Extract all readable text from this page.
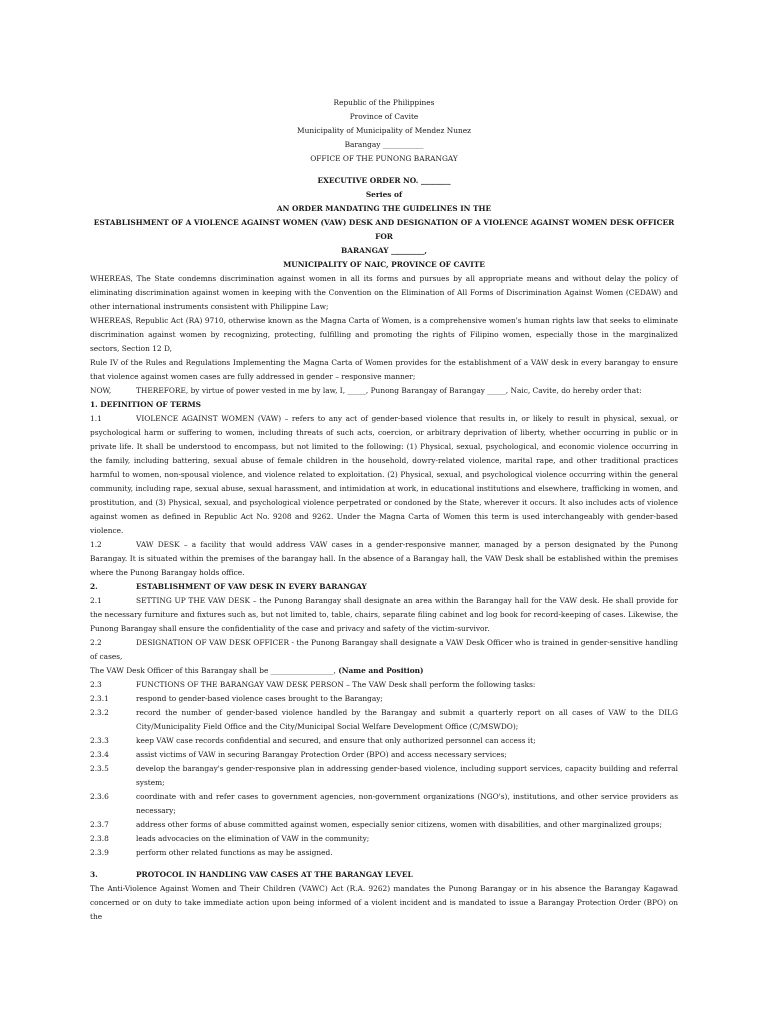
Republic of the Philippines
Province of Cavite
Municipality of Municipality of Mendez Nunez
Barangay ___________
OFFICE OF THE PUNONG BARANGAY
EXECUTIVE ORDER NO. ________
Series of
AN ORDER MANDATING THE GUIDELINES IN THE
ESTABLISHMENT OF A VIOLENCE AGAINST WOMEN (VAW) DESK AND DESIGNATION OF A VIOLENCE AGAINST WOMEN DESK OFFICER FOR
BARANGAY _________,
MUNICIPALITY OF NAIC, PROVINCE OF CAVITE

WHEREAS, The State condemns discrimination against women in all its forms and pursues by all appropriate means and without delay the policy of eliminating discrimination against women in keeping with the Convention on the Elimination of All Forms of Discrimination Against Women (CEDAW) and other international instruments consistent with Philippine Law;

WHEREAS, Republic Act (RA) 9710, otherwise known as the Magna Carta of Women, is a comprehensive women's human rights law that seeks to eliminate discrimination against women by recognizing, protecting, fulfilling and promoting the rights of Filipino women, especially those in the marginalized sectors, Section 12 D,

Rule IV of the Rules and Regulations Implementing the Magna Carta of Women provides for the establishment of a VAW desk in every barangay to ensure that violence against women cases are fully addressed in gender – responsive manner;

NOW,	THEREFORE, by virtue of power vested in me by law, I, _____, Punong Barangay of Barangay _____, Naic, Cavite, do hereby order that:
1. DEFINITION OF TERMS

1.1	VIOLENCE AGAINST WOMEN (VAW) – refers to any act of gender-based violence that results in, or likely to result in physical, sexual, or psychological harm or suffering to women, including threats of such acts, coercion, or arbitrary deprivation of liberty, whether occurring in public or in private life. It shall be understood to encompass, but not limited to the following: (1) Physical, sexual, psychological, and economic violence occurring in the family, including battering, sexual abuse of female children in the household, dowry-related violence, marital rape, and other traditional practices harmful to women, non-spousal violence, and violence related to exploitation. (2) Physical, sexual, and psychological violence occurring within the general community, including rape, sexual abuse, sexual harassment, and intimidation at work, in educational institutions and elsewhere, trafficking in women, and prostitution, and (3) Physical, sexual, and psychological violence perpetrated or condoned by the State, wherever it occurs. It also includes acts of violence against women as defined in Republic Act No. 9208 and 9262. Under the Magna Carta of Women this term is used interchangeably with gender-based violence.

1.2	VAW DESK – a facility that would address VAW cases in a gender-responsive manner, managed by a person designated by the Punong Barangay. It is situated within the premises of the barangay hall. In the absence of a Barangay hall, the VAW Desk shall be established within the premises where the Punong Barangay holds office.

2.	ESTABLISHMENT OF VAW DESK IN EVERY BARANGAY

2.1	SETTING UP THE VAW DESK – the Punong Barangay shall designate an area within the Barangay hall for the VAW desk. He shall provide for the necessary furniture and fixtures such as, but not limited to, table, chairs, separate filing cabinet and log book for record-keeping of cases. Likewise, the Punong Barangay shall ensure the confidentiality of the case and privacy and safety of the victim-survivor.

2.2	DESIGNATION OF VAW DESK OFFICER - the Punong Barangay shall designate a VAW Desk Officer who is trained in gender-sensitive handling of cases,

The VAW Desk Officer of this Barangay shall be _________________, (Name and Position)

2.3	FUNCTIONS OF THE BARANGAY VAW DESK PERSON – The VAW Desk shall perform the following tasks:
2.3.1	respond to gender-based violence cases brought to the Barangay;
2.3.2	record the number of gender-based violence handled by the Barangay and submit a quarterly report on all cases of VAW to the DILG City/Municipality Field Office and the City/Municipal Social Welfare Development Office (C/MSWDO);
2.3.3	keep VAW case records confidential and secured, and ensure that only authorized personnel can access it;
2.3.4	assist victims of VAW in securing Barangay Protection Order (BPO) and access necessary services;
2.3.5	develop the barangay's gender-responsive plan in addressing gender-based violence, including support services, capacity building and referral system;
2.3.6	coordinate with and refer cases to government agencies, non-government organizations (NGO's), institutions, and other service providers as necessary;
2.3.7	address other forms of abuse committed against women, especially senior citizens, women with disabilities, and other marginalized groups;
2.3.8	leads advocacies on the elimination of VAW in the community;
2.3.9	perform other related functions as may be assigned.
3.	PROTOCOL IN HANDLING VAW CASES AT THE BARANGAY LEVEL

The Anti-Violence Against Women and Their Children (VAWC) Act (R.A. 9262) mandates the Punong Barangay or in his absence the Barangay Kagawad concerned or on duty to take immediate action upon being informed of a violent incident and is mandated to issue a Barangay Protection Order (BPO) on the
